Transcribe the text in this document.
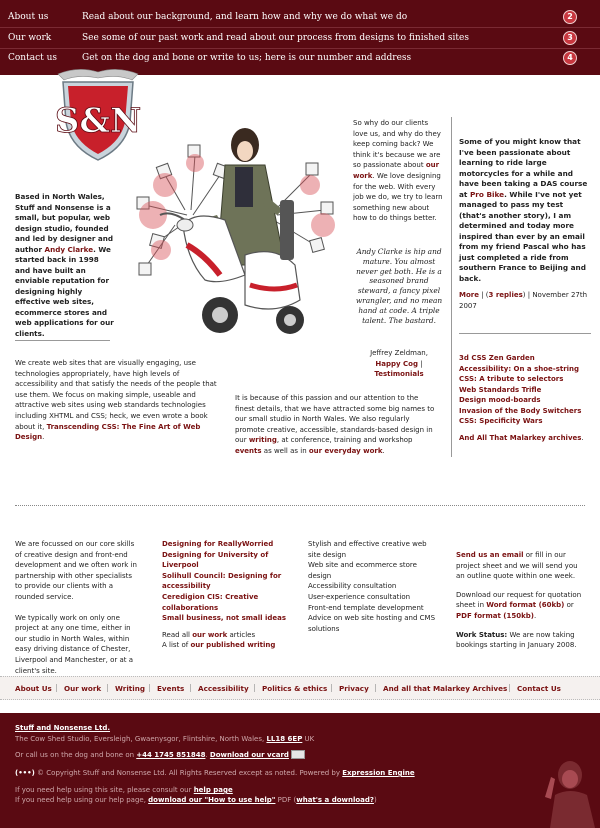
About us	Read about our background, and learn how and why we do what we do	2
Our work	See some of our past work and read about our process from designs to finished sites	3
Contact us	Get on the dog and bone or write to us; here is our number and address	4
S&N
Based in North Wales, Stuff and Nonsense is a small, but popular, web design studio, founded and led by designer and author Andy Clarke. We started back in 1998 and have built an enviable reputation for designing highly effective web sites, ecommerce stores and web applications for our clients.
We create web sites that are visually engaging, use technologies appropriately, have high levels of accessibility and that satisfy the needs of the people that use them. We focus on making simple, useable and attractive web sites using web standards technologies including XHTML and CSS; heck, we even wrote a book about it, Transcending CSS: The Fine Art of Web Design.
So why do our clients love us, and why do they keep coming back? We think it's because we are so passionate about our work. We love designing for the web. With every job we do, we try to learn something new about how to do things better.
Andy Clarke is hip and mature. You almost never get both. He is a seasoned brand steward, a fancy pixel wrangler, and no mean hand at code. A triple talent. The bastard.
Jeffrey Zeldman,
Happy Cog |
Testimonials
It is because of this passion and our attention to the finest details, that we have attracted some big names to our small studio in North Wales. We also regularly promote creative, accessible, standards-based design in our writing, at conference, training and workshop events as well as in our everyday work.
Some of you might know that I've been passionate about learning to ride large motorcycles for a while and have been taking a DAS course at Pro Bike. While I've not yet managed to pass my test (that's another story), I am determined and today more inspired than ever by an email from my friend Pascal who has just completed a ride from southern France to Beijing and back.
More | (3 replies) | November 27th 2007
3d CSS Zen Garden
Accessibility: On a shoe-string
CSS: A tribute to selectors
Web Standards Trifle
Design mood-boards
Invasion of the Body Switchers
CSS: Specificity Wars

And All That Malarkey archives.
We are focussed on our core skills of creative design and front-end development and we often work in partnership with other specialists to provide our clients with a rounded service.
We typically work on only one project at any one time, either in our studio in North Wales, within easy driving distance of Chester, Liverpool and Manchester, or at a client's site.
Designing for ReallyWorried
Designing for University of Liverpool
Solihull Council: Designing for accessibility
Ceredigion CIS: Creative collaborations
Small business, not small ideas

Read all our work articles
A list of our published writing
Stylish and effective creative web site design
Web site and ecommerce store design
Accessibility consultation
User-experience consultation
Front-end template development
Advice on web site hosting and CMS solutions
Send us an email or fill in our project sheet and we will send you an outline quote within one week.
Download our request for quotation sheet in Word format (60kb) or PDF format (150kb).
Work Status: We are now taking bookings starting in January 2008.
About Us | Our work | Writing | Events | Accessibility | Politics & ethics | Privacy | And all that Malarkey Archives | Contact Us
Stuff and Nonsense Ltd.
The Cow Shed Studio, Eversleigh, Gwaenysgor, Flintshire, North Wales, LL18 6EP UK
Or call us on the dog and bone on +44 1745 851848. Download our vcard
(•••) © Copyright Stuff and Nonsense Ltd. All Rights Reserved except as noted. Powered by Expression Engine
If you need help using this site, please consult our help page
If you need help using our help page, download our "How to use help" PDF (what's a download?)
